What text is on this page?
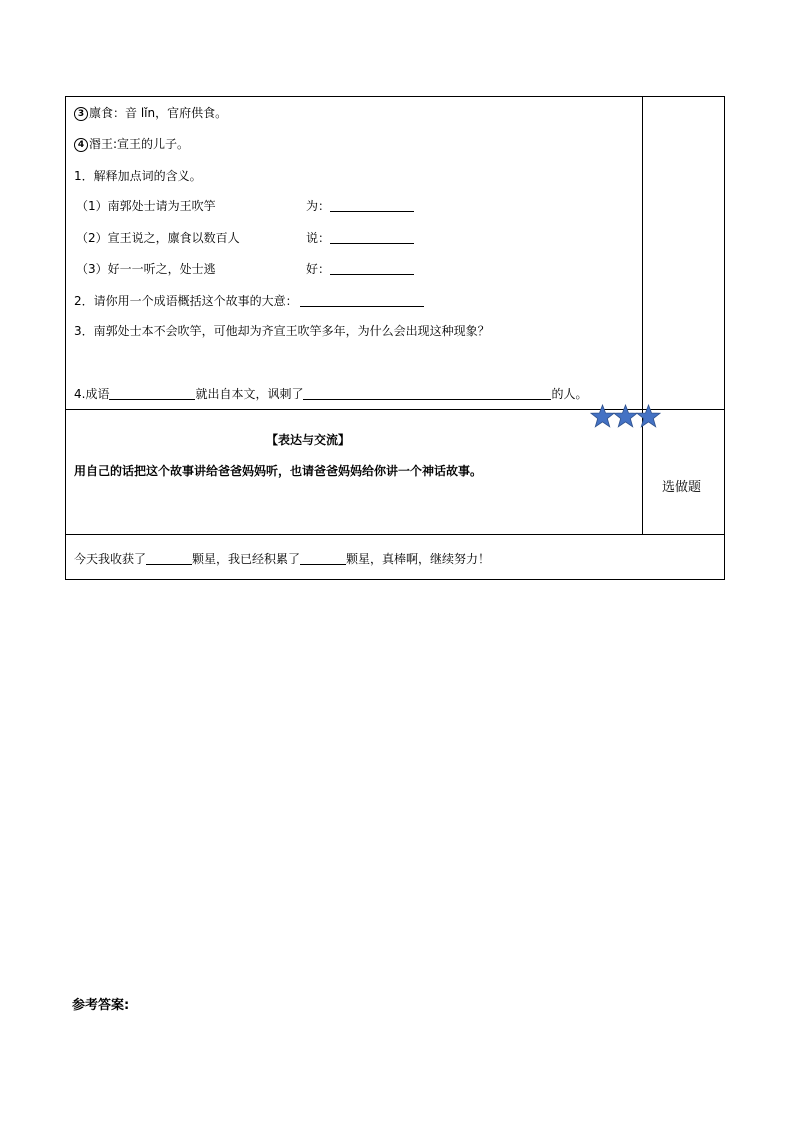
3 廪食：音 lǐn，官府供食。
4 湣王:宣王的儿子。
1．解释加点词的含义。
（1）南郭处士请为王吹竽	为：
（2）宣王说之，廪食以数百人	说：
（3）好一一听之，处士逃	好：
2．请你用一个成语概括这个故事的大意：
3．南郭处士本不会吹竽，可他却为齐宣王吹竽多年，为什么会出现这种现象？
4.成语	就出自本文，讽刺了	的人。
【表达与交流】
用自己的话把这个故事讲给爸爸妈妈听，也请爸爸妈妈给你讲一个神话故事。
选做题
今天我收获了	颗星，我已经积累了	颗星，真棒啊，继续努力！
参考答案:
